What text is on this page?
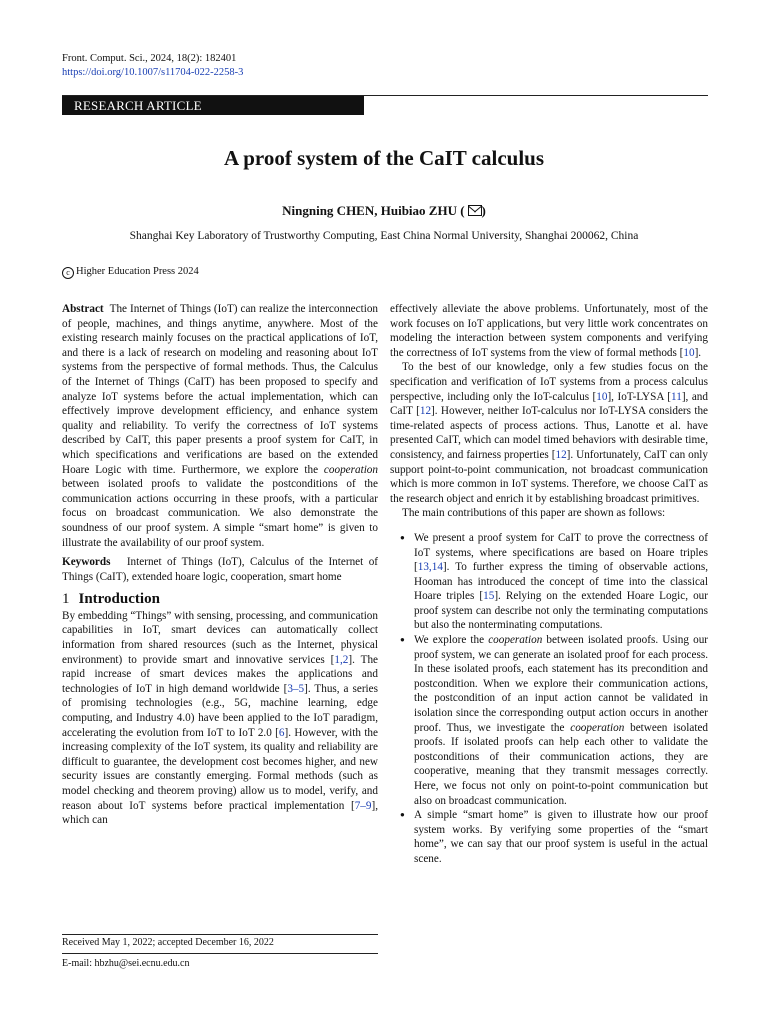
Front. Comput. Sci., 2024, 18(2): 182401
https://doi.org/10.1007/s11704-022-2258-3
RESEARCH ARTICLE
A proof system of the CaIT calculus
Ningning CHEN, Huibiao ZHU ( )
Shanghai Key Laboratory of Trustworthy Computing, East China Normal University, Shanghai 200062, China
c Higher Education Press 2024

Abstract The Internet of Things (IoT) can realize the interconnection of people, machines, and things anytime, anywhere. Most of the existing research mainly focuses on the practical applications of IoT, and there is a lack of research on modeling and reasoning about IoT systems from the perspective of formal methods. Thus, the Calculus of the Internet of Things (CaIT) has been proposed to specify and analyze IoT systems before the actual implementation, which can effectively improve development efficiency, and enhance system quality and reliability. To verify the correctness of IoT systems described by CaIT, this paper presents a proof system for CaIT, in which specifications and verifications are based on the extended Hoare Logic with time. Furthermore, we explore the cooperation between isolated proofs to validate the postconditions of the communication actions occurring in these proofs, with a particular focus on broadcast communication. We also demonstrate the soundness of our proof system. A simple “smart home” is given to illustrate the availability of our proof system.

Keywords Internet of Things (IoT), Calculus of the Internet of Things (CaIT), extended hoare logic, cooperation, smart home

1 Introduction

By embedding “Things” with sensing, processing, and communication capabilities in IoT, smart devices can automatically collect information from shared resources (such as the Internet, physical environment) to provide smart and innovative services [1,2]. The rapid increase of smart devices makes the applications and technologies of IoT in high demand worldwide [3–5]. Thus, a series of promising technologies (e.g., 5G, machine learning, edge computing, and Industry 4.0) have been applied to the IoT paradigm, accelerating the evolution from IoT to IoT 2.0 [6]. However, with the increasing complexity of the IoT system, its quality and reliability are difficult to guarantee, the development cost becomes higher, and new security issues are constantly emerging. Formal methods (such as model checking and theorem proving) allow us to model, verify, and reason about IoT systems before practical implementation [7–9], which can

effectively alleviate the above problems. Unfortunately, most of the work focuses on IoT applications, but very little work concentrates on modeling the interaction between system components and verifying the correctness of IoT systems from the view of formal methods [10].

To the best of our knowledge, only a few studies focus on the specification and verification of IoT systems from a process calculus perspective, including only the IoT-calculus [10], IoT-LYSA [11], and CaIT [12]. However, neither IoT-calculus nor IoT-LYSA considers the time-related aspects of process actions. Thus, Lanotte et al. have presented CaIT, which can model timed behaviors with desirable time, consistency, and fairness properties [12]. Unfortunately, CaIT can only support point-to-point communication, not broadcast communication which is more common in IoT systems. Therefore, we choose CaIT as the research object and enrich it by establishing broadcast primitives.

The main contributions of this paper are shown as follows:

● We present a proof system for CaIT to prove the correctness of IoT systems, where specifications are based on Hoare triples [13,14]. To further express the timing of observable actions, Hooman has introduced the concept of time into the classical Hoare triples [15]. Relying on the extended Hoare Logic, our proof system can describe not only the terminating computations but also the nonterminating computations.
● We explore the cooperation between isolated proofs. Using our proof system, we can generate an isolated proof for each process. In these isolated proofs, each statement has its precondition and postcondition. When we explore their communication actions, the postcondition of an input action cannot be validated in isolation since the corresponding output action occurs in another proof. Thus, we investigate the cooperation between isolated proofs. If isolated proofs can help each other to validate the postconditions of their communication actions, they are cooperative, meaning that they transmit messages correctly. Here, we focus not only on point-to-point communication but also on broadcast communication.
● A simple “smart home” is given to illustrate how our proof system works. By verifying some properties of the “smart home”, we can say that our proof system is useful in the actual scene.
Received May 1, 2022; accepted December 16, 2022
E-mail: hbzhu@sei.ecnu.edu.cn
